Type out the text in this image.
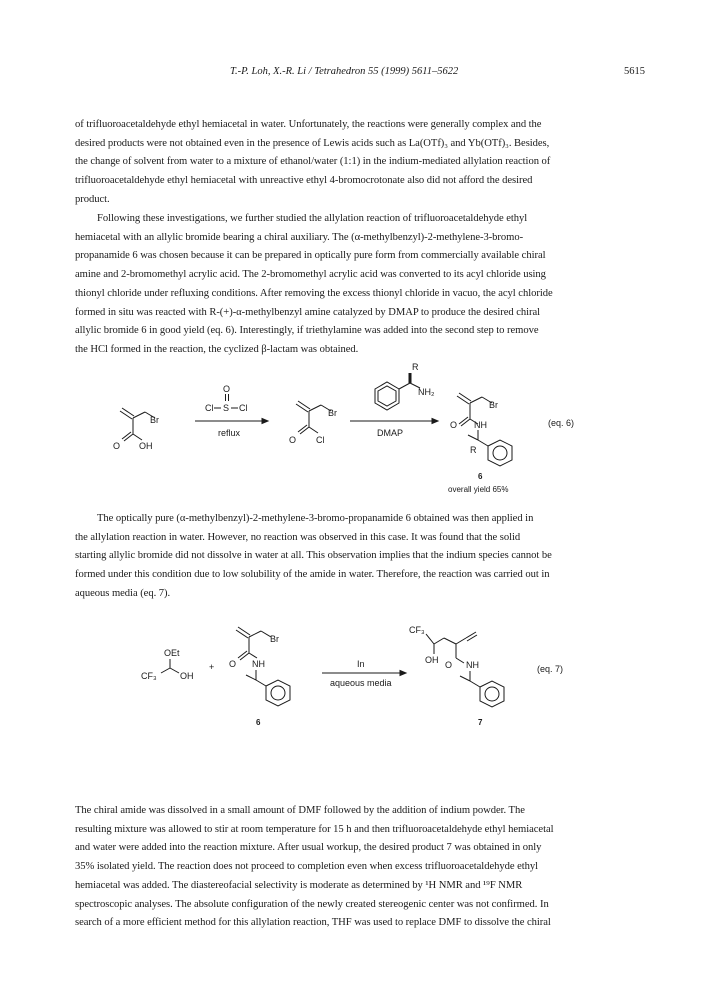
T.-P. Loh, X.-R. Li / Tetrahedron 55 (1999) 5611–5622	5615
of trifluoroacetaldehyde ethyl hemiacetal in water. Unfortunately, the reactions were generally complex and the
desired products were not obtained even in the presence of Lewis acids such as La(OTf)₃ and Yb(OTf)₃. Besides,
the change of solvent from water to a mixture of ethanol/water (1:1) in the indium-mediated allylation reaction of
trifluoroacetaldehyde ethyl hemiacetal with unreactive ethyl 4-bromocrotonate also did not afford the desired
product.
Following these investigations, we further studied the allylation reaction of trifluoroacetaldehyde ethyl
hemiacetal with an allylic bromide bearing a chiral auxiliary. The (α-methylbenzyl)-2-methylene-3-bromo-
propanamide 6 was chosen because it can be prepared in optically pure form from commercially available chiral
amine and 2-bromomethyl acrylic acid. The 2-bromomethyl acrylic acid was converted to its acyl chloride using
thionyl chloride under refluxing conditions. After removing the excess thionyl chloride in vacuo, the acyl chloride
formed in situ was reacted with R-(+)-α-methylbenzyl amine catalyzed by DMAP to produce the desired chiral
allylic bromide 6 in good yield (eq. 6). Interestingly, if triethylamine was added into the second step to remove
the HCl formed in the reaction, the cyclized β-lactam was obtained.
Br
O OH
O
Cl S Cl
reflux
Br
O Cl
R
NH₂
DMAP
Br
O NH
R
6
overall yield 65%
(eq. 6)
The optically pure (α-methylbenzyl)-2-methylene-3-bromo-propanamide 6 obtained was then applied in
the allylation reaction in water. However, no reaction was observed in this case. It was found that the solid
starting allylic bromide did not dissolve in water at all. This observation implies that the indium species cannot be
formed under this condition due to low solubility of the amide in water. Therefore, the reaction was carried out in
aqueous media (eq. 7).
OEt
CF₃	OH
+
Br
O NH
6
In
aqueous media
CF₃
OH O NH
7
(eq. 7)
The chiral amide was dissolved in a small amount of DMF followed by the addition of indium powder. The
resulting mixture was allowed to stir at room temperature for 15 h and then trifluoroacetaldehyde ethyl hemiacetal
and water were added into the reaction mixture. After usual workup, the desired product 7 was obtained in only
35% isolated yield. The reaction does not proceed to completion even when excess trifluoroacetaldehyde ethyl
hemiacetal was added. The diastereofacial selectivity is moderate as determined by ¹H NMR and ¹⁹F NMR
spectroscopic analyses. The absolute configuration of the newly created stereogenic center was not confirmed. In
search of a more efficient method for this allylation reaction, THF was used to replace DMF to dissolve the chiral
